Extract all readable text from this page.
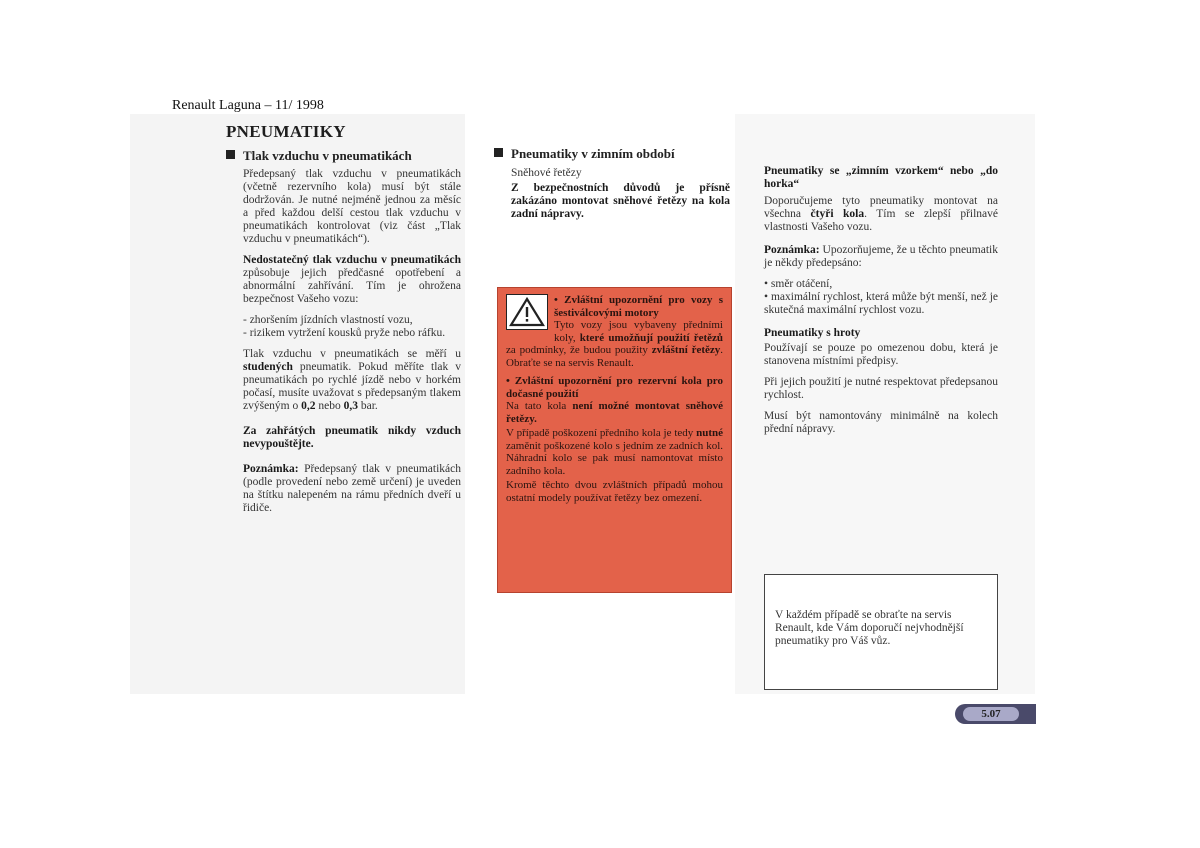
Renault Laguna – 11/ 1998
PNEUMATIKY
Tlak vzduchu v pneumatikách

Předepsaný tlak vzduchu v pneumatikách (včetně rezervního kola) musí být stále dodržován. Je nutné nejméně jednou za měsíc a před každou delší cestou tlak vzduchu v pneumatikách kontrolovat (viz část „Tlak vzduchu v pneumatikách“).

Nedostatečný tlak vzduchu v pneumatikách způsobuje jejich předčasné opotřebení a abnormální zahřívání. Tím je ohrožena bezpečnost Vašeho vozu:

- zhoršením jízdních vlastností vozu,
- rizikem vytržení kousků pryže nebo ráfku.

Tlak vzduchu v pneumatikách se měří u studených pneumatik. Pokud měříte tlak v pneumatikách po rychlé jízdě nebo v horkém počasí, musíte uvažovat s předepsaným tlakem zvýšeným o 0,2 nebo 0,3 bar.

Za zahřátých pneumatik nikdy vzduch nevypouštějte.

Poznámka: Předepsaný tlak v pneumatikách (podle provedení nebo země určení) je uveden na štítku nalepeném na rámu předních dveří u řidiče.

Pneumatiky v zimním období

Sněhové řetězy

Z bezpečnostních důvodů je přísně zakázáno montovat sněhové řetězy na kola zadní nápravy.

• Zvláštní upozornění pro vozy s šestiválcovými motory
Tyto vozy jsou vybaveny předními koly, které umožňují použití řetězů za podmínky, že budou použity zvláštní řetězy. Obraťte se na servis Renault.

• Zvláštní upozornění pro rezervní kola pro dočasné použití
Na tato kola není možné montovat sněhové řetězy.

V případě poškození předního kola je tedy nutné zaměnit poškozené kolo s jedním ze zadních kol. Náhradní kolo se pak musí namontovat místo zadního kola.

Kromě těchto dvou zvláštních případů mohou ostatní modely používat řetězy bez omezení.

Pneumatiky se „zimním vzorkem“ nebo „do horka“

Doporučujeme tyto pneumatiky montovat na všechna čtyři kola. Tím se zlepší přilnavé vlastnosti Vašeho vozu.

Poznámka: Upozorňujeme, že u těchto pneumatik je někdy předepsáno:

• směr otáčení,
• maximální rychlost, která může být menší, než je skutečná maximální rychlost vozu.

Pneumatiky s hroty

Používají se pouze po omezenou dobu, která je stanovena místními předpisy.

Při jejich použití je nutné respektovat předepsanou rychlost.

Musí být namontovány minimálně na kolech přední nápravy.

V každém případě se obraťte na servis Renault, kde Vám doporučí nejvhodnější pneumatiky pro Váš vůz.
5.07
